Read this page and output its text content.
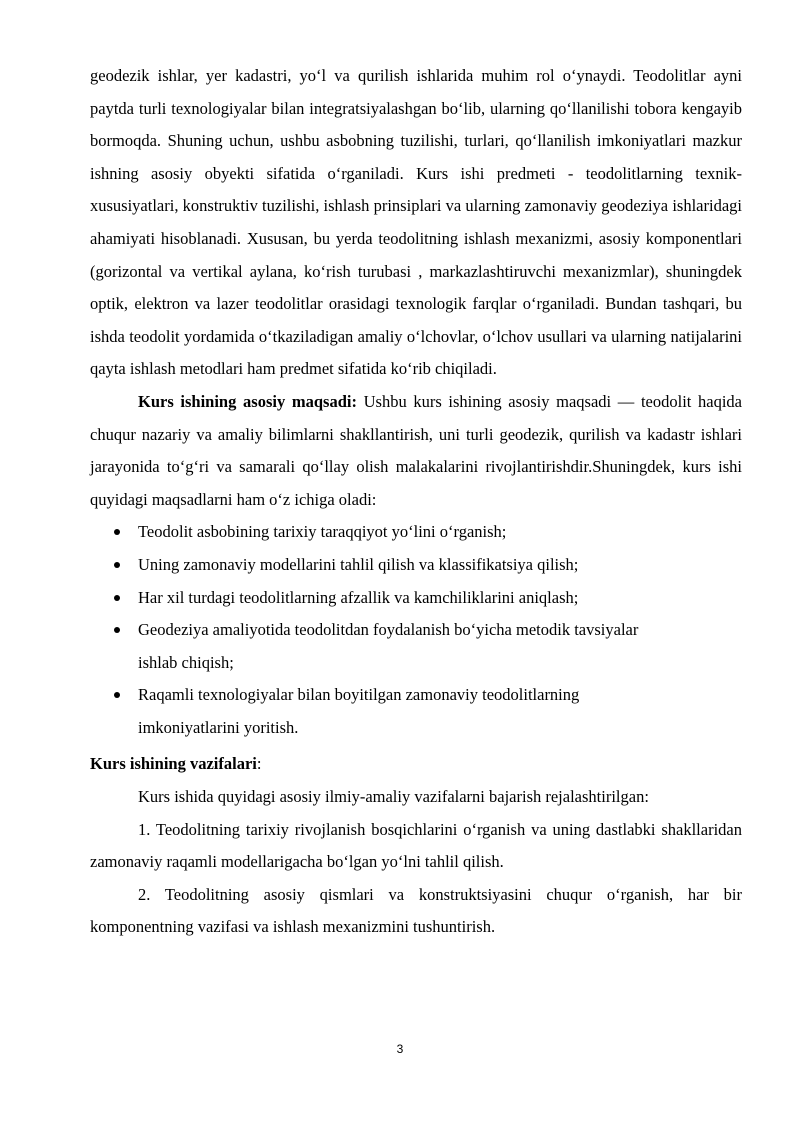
geodezik ishlar, yer kadastri, yo‘l va qurilish ishlarida muhim rol o‘ynaydi. Teodolitlar ayni paytda turli texnologiyalar bilan integratsiyalashgan bo‘lib, ularning qo‘llanilishi tobora kengayib bormoqda. Shuning uchun, ushbu asbobning tuzilishi, turlari, qo‘llanilish imkoniyatlari mazkur ishning asosiy obyekti sifatida o‘rganiladi. Kurs ishi predmeti - teodolitlarning texnik-xususiyatlari, konstruktiv tuzilishi, ishlash prinsiplari va ularning zamonaviy geodeziya ishlaridagi ahamiyati hisoblanadi. Xususan, bu yerda teodolitning ishlash mexanizmi, asosiy komponentlari (gorizontal va vertikal aylana, ko‘rish turubasi , markazlashtiruvchi mexanizmlar), shuningdek optik, elektron va lazer teodolitlar orasidagi texnologik farqlar o‘rganiladi. Bundan tashqari, bu ishda teodolit yordamida o‘tkaziladigan amaliy o‘lchovlar, o‘lchov usullari va ularning natijalarini qayta ishlash metodlari ham predmet sifatida ko‘rib chiqiladi.

Kurs ishining asosiy maqsadi: Ushbu kurs ishining asosiy maqsadi — teodolit haqida chuqur nazariy va amaliy bilimlarni shakllantirish, uni turli geodezik, qurilish va kadastr ishlari jarayonida to‘g‘ri va samarali qo‘llay olish malakalarini rivojlantirishdir.Shuningdek, kurs ishi quyidagi maqsadlarni ham o‘z ichiga oladi:

Teodolit asbobining tarixiy taraqqiyot yo‘lini o‘rganish;
Uning zamonaviy modellarini tahlil qilish va klassifikatsiya qilish;
Har xil turdagi teodolitlarning afzallik va kamchiliklarini aniqlash;
Geodeziya amaliyotida teodolitdan foydalanish bo‘yicha metodik tavsiyalar ishlab chiqish;
Raqamli texnologiyalar bilan boyitilgan zamonaviy teodolitlarning imkoniyatlarini yoritish.

Kurs ishining vazifalari:

Kurs ishida quyidagi asosiy ilmiy-amaliy vazifalarni bajarish rejalashtirilgan:

1. Teodolitning tarixiy rivojlanish bosqichlarini o‘rganish va uning dastlabki shakllaridan zamonaviy raqamli modellarigacha bo‘lgan yo‘lni tahlil qilish.

2. Teodolitning asosiy qismlari va konstruktsiyasini chuqur o‘rganish, har bir komponentning vazifasi va ishlash mexanizmini tushuntirish.

3
